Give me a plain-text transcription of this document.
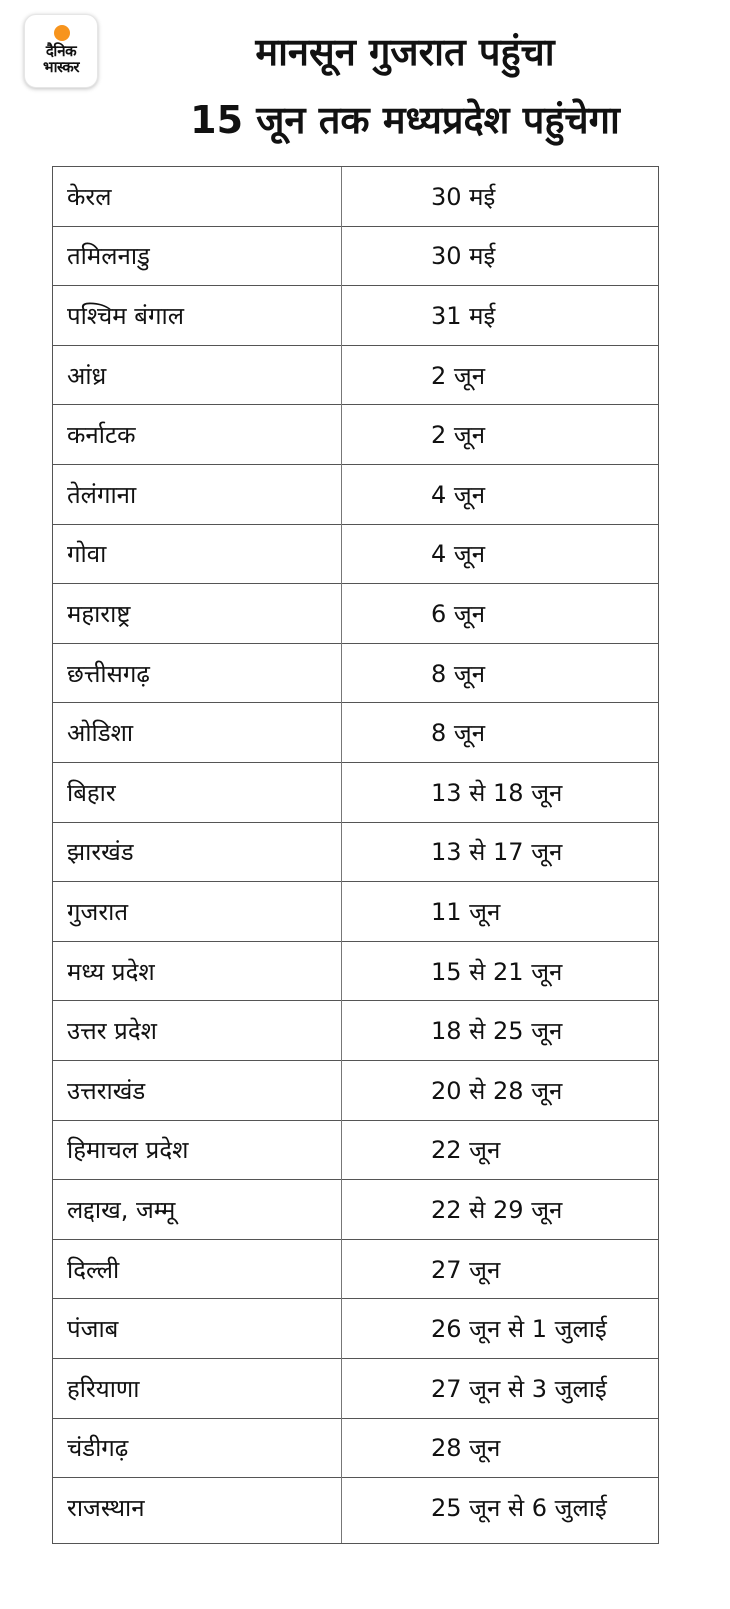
दैनिक
भास्कर	मानसून गुजरात पहुंचा
15 जून तक मध्यप्रदेश पहुंचेगा
केरल	30 मई
तमिलनाडु	30 मई
पश्चिम बंगाल	31 मई
आंध्र	2 जून
कर्नाटक	2 जून
तेलंगाना	4 जून
गोवा	4 जून
महाराष्ट्र	6 जून
छत्तीसगढ़	8 जून
ओडिशा	8 जून
बिहार	13 से 18 जून
झारखंड	13 से 17 जून
गुजरात	11 जून
मध्य प्रदेश	15 से 21 जून
उत्तर प्रदेश	18 से 25 जून
उत्तराखंड	20 से 28 जून
हिमाचल प्रदेश	22 जून
लद्दाख, जम्मू	22 से 29 जून
दिल्ली	27 जून
पंजाब	26 जून से 1 जुलाई
हरियाणा	27 जून से 3 जुलाई
चंडीगढ़	28 जून
राजस्थान	25 जून से 6 जुलाई
